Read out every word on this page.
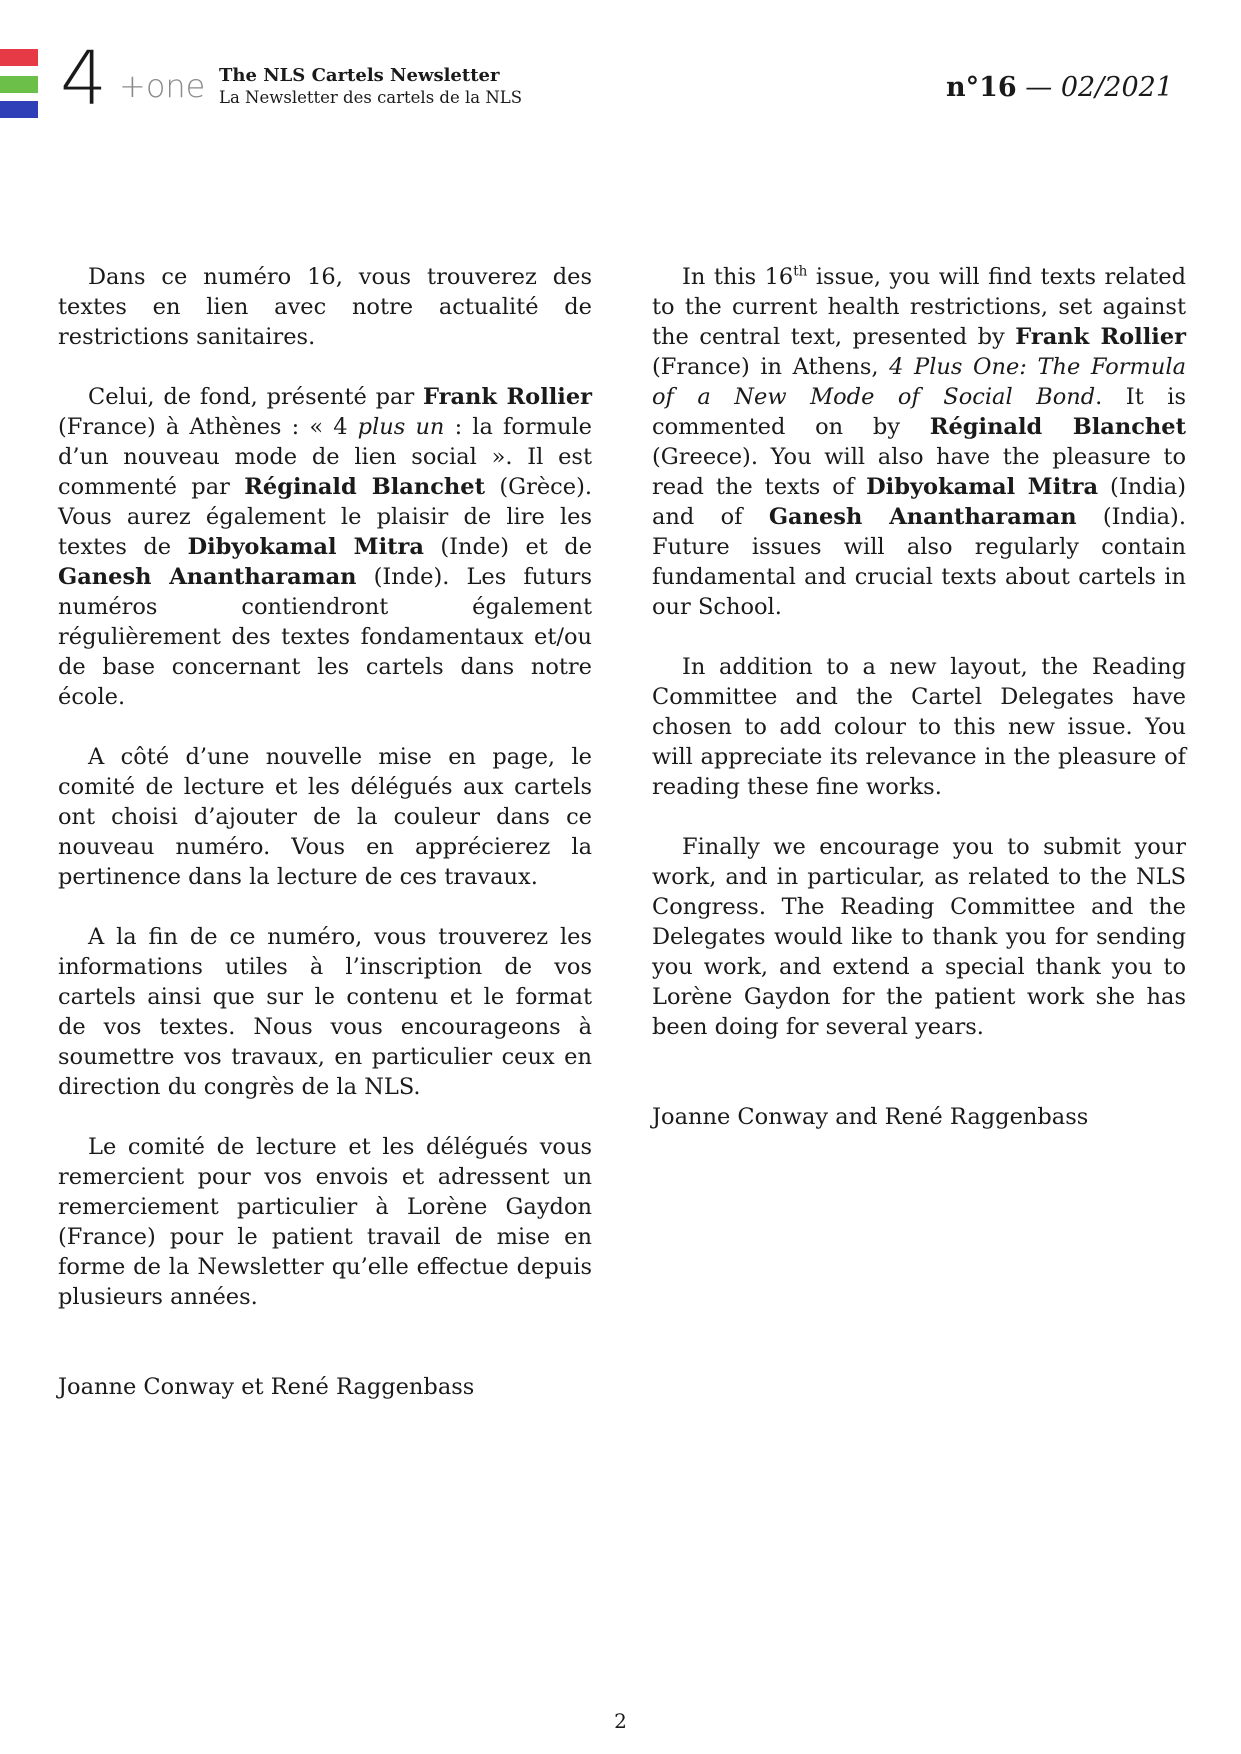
4 +one The NLS Cartels Newsletter
La Newsletter des cartels de la NLS	n°16 — 02/2021

Dans ce numéro 16, vous trouverez des textes en lien avec notre actualité de restrictions sanitaires.

Celui, de fond, présenté par Frank Rollier (France) à Athènes : « 4 plus un : la formule d’un nouveau mode de lien social ». Il est commenté par Réginald Blanchet (Grèce). Vous aurez également le plaisir de lire les textes de Dibyokamal Mitra (Inde) et de Ganesh Anantharaman (Inde). Les futurs numéros contiendront également régulièrement des textes fondamentaux et/ou de base concernant les cartels dans notre école.

A côté d’une nouvelle mise en page, le comité de lecture et les délégués aux cartels ont choisi d’ajouter de la couleur dans ce nouveau numéro. Vous en apprécierez la pertinence dans la lecture de ces travaux.

A la fin de ce numéro, vous trouverez les informations utiles à l’inscription de vos cartels ainsi que sur le contenu et le format de vos textes. Nous vous encourageons à soumettre vos travaux, en particulier ceux en direction du congrès de la NLS.

Le comité de lecture et les délégués vous remercient pour vos envois et adressent un remerciement particulier à Lorène Gaydon (France) pour le patient travail de mise en forme de la Newsletter qu’elle effectue depuis plusieurs années.

Joanne Conway et René Raggenbass

In this 16th issue, you will find texts related to the current health restrictions, set against the central text, presented by Frank Rollier (France) in Athens, 4 Plus One: The Formula of a New Mode of Social Bond. It is commented on by Réginald Blanchet (Greece). You will also have the pleasure to read the texts of Dibyokamal Mitra (India) and of Ganesh Anantharaman (India). Future issues will also regularly contain fundamental and crucial texts about cartels in our School.

In addition to a new layout, the Reading Committee and the Cartel Delegates have chosen to add colour to this new issue. You will appreciate its relevance in the pleasure of reading these fine works.

Finally we encourage you to submit your work, and in particular, as related to the NLS Congress. The Reading Committee and the Delegates would like to thank you for sending you work, and extend a special thank you to Lorène Gaydon for the patient work she has been doing for several years.

Joanne Conway and René Raggenbass

2
